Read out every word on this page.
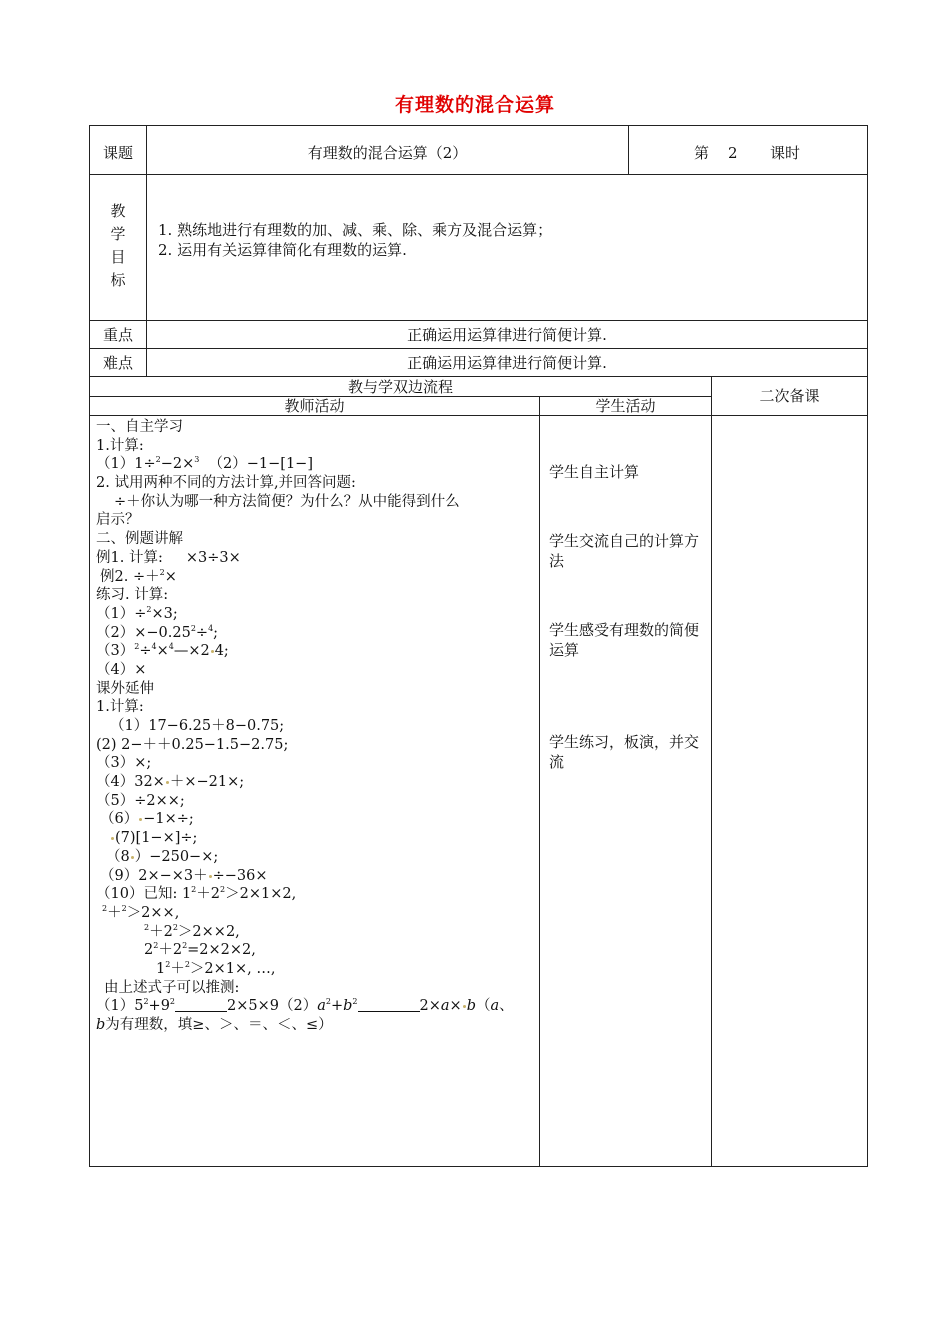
有理数的混合运算
课题	有理数的混合运算（2）	第 2 课时
教
学
目
标
1. 熟练地进行有理数的加、减、乘、除、乘方及混合运算；
2. 运用有关运算律简化有理数的运算.
重点	正确运用运算律进行简便计算.
难点	正确运用运算律进行简便计算.
教与学双边流程
教师活动	学生活动
二次备课
一、自主学习
1.计算:
（1）1÷$^2$−2×$^3$  （2）−1−[1−]
2. 试用两种不同的方法计算,并回答问题:
÷＋你认为哪一种方法简便？为什么？从中能得到什么
启示？
二、例题讲解
例1. 计算:     ×3÷3×
例2. ÷＋$^2$×
练习. 计算:
（1）÷$^2$×3;
$(2)\times-0.25^2\div^4$;
$(3)^2\div^4\times^4—\times 2$ 4;
（4）×
课外延伸
1.计算:
（1）17−6.25＋8−0.75;
(2) 2−＋＋0.25−1.5−2.75;
（3）×;
（4）32× ＋×−21×;
（5）÷2××;
（6） −1×÷;
(7)[1−×]÷;
（8 ）−250−×;
（9）2×−×3＋ ÷−36×
（10）已知: $1^2+2^2>2\times 1\times 2$,
$^2$＋$^2$＞2××,
$^2+2^2>2\times\times 2$,
$2^2+2^2=2\times 2\times 2$,
$1^2+^2>2\times 1\times$, …,
由上述式子可以推测:
$(1)5^2+9^2$	$2\times 5\times 9(2)a^2+b^2$	2×a× b（a、
b为有理数，填≥、＞、＝、＜、≤）
学生自主计算
学生交流自己的计算方法
学生感受有理数的简便运算
学生练习，板演，并交流
